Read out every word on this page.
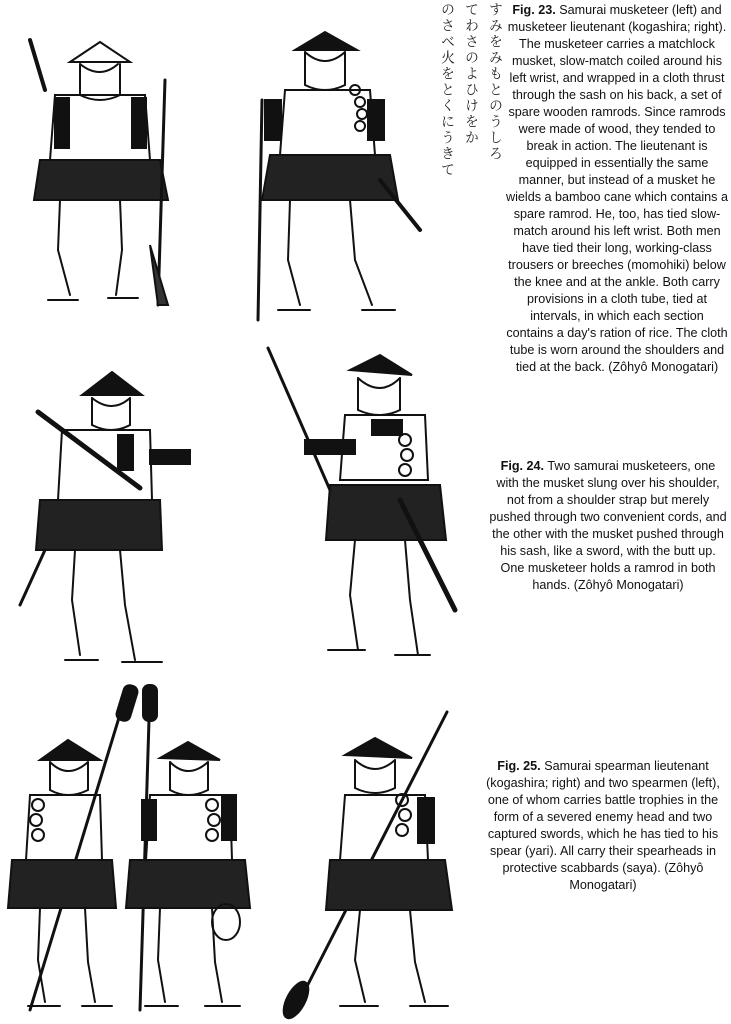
のさべ火をとくにうきて てわさのよひけをか すみをみもとのうしろ Fig. 23. Samurai musketeer (left) and musketeer lieutenant (kogashira; right). The musketeer carries a matchlock musket, slow-match coiled around his left wrist, and wrapped in a cloth thrust through the sash on his back, a set of spare wooden ramrods. Since ramrods were made of wood, they tended to break in action. The lieutenant is equipped in essentially the same manner, but instead of a musket he wields a bamboo cane which contains a spare ramrod. He, too, has tied slow-match around his left wrist. Both men have tied their long, working-class trousers or breeches (momohiki) below the knee and at the ankle. Both carry provisions in a cloth tube, tied at intervals, in which each section contains a day's ration of rice. The cloth tube is worn around the shoulders and tied at the back. (Zôhyô Monogatari)
Fig. 24. Two samurai musketeers, one with the musket slung over his shoulder, not from a shoulder strap but merely pushed through two convenient cords, and the other with the musket pushed through his sash, like a sword, with the butt up. One musketeer holds a ramrod in both hands. (Zôhyô Monogatari)
Fig. 25. Samurai spearman lieutenant (kogashira; right) and two spearmen (left), one of whom carries battle trophies in the form of a severed enemy head and two captured swords, which he has tied to his spear (yari). All carry their spearheads in protective scabbards (saya). (Zôhyô Monogatari)
